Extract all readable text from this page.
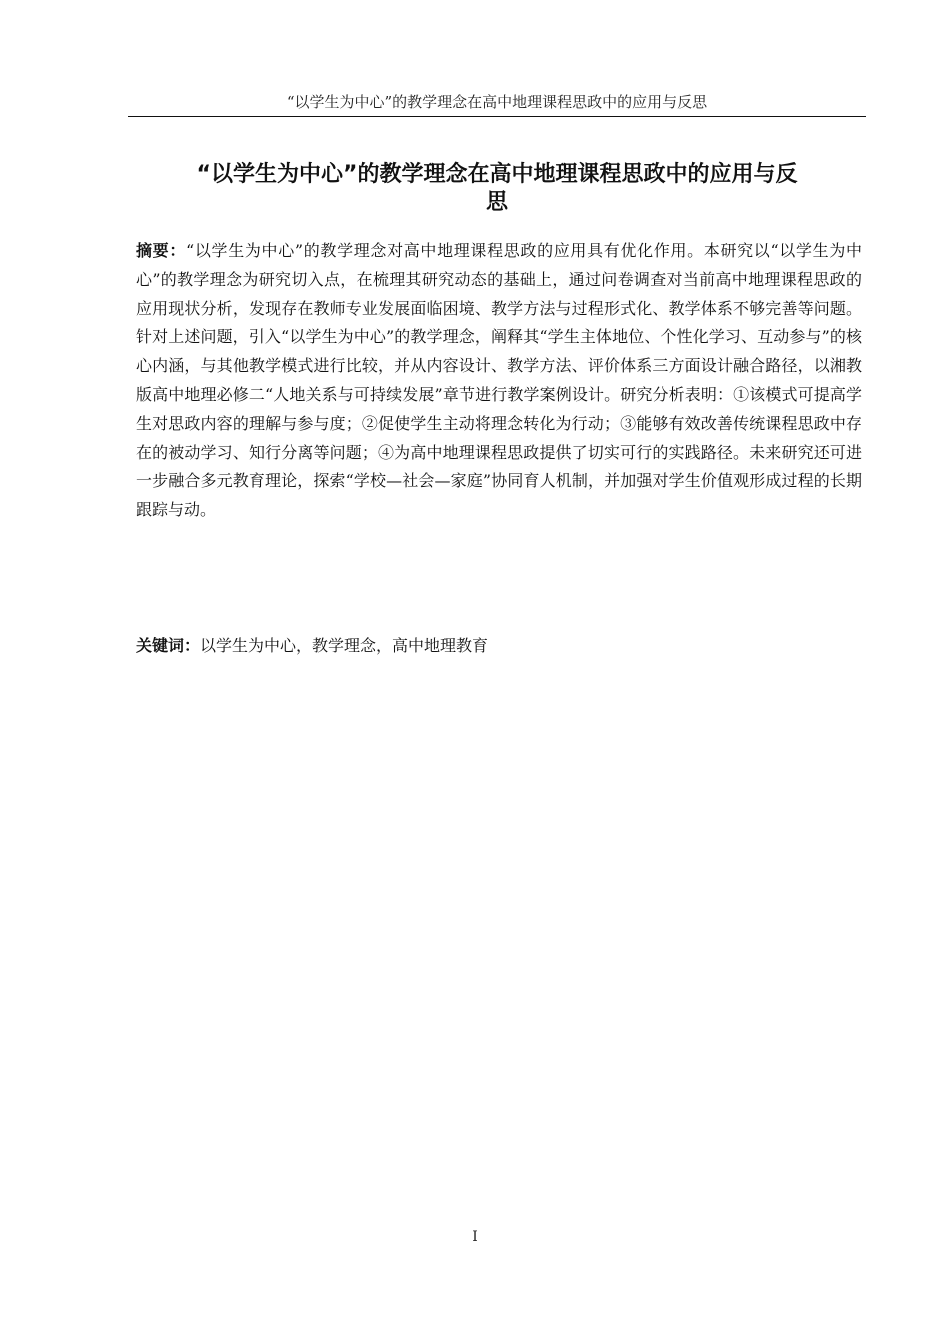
“以学生为中心”的教学理念在高中地理课程思政中的应用与反思
“以学生为中心”的教学理念在高中地理课程思政中的应用与反
思

摘要：“以学生为中心”的教学理念对高中地理课程思政的应用具有优化作用。本研究以“以学生为中心”的教学理念为研究切入点，在梳理其研究动态的基础上，通过问卷调查对当前高中地理课程思政的应用现状分析，发现存在教师专业发展面临困境、教学方法与过程形式化、教学体系不够完善等问题。针对上述问题，引入“以学生为中心”的教学理念，阐释其“学生主体地位、个性化学习、互动参与”的核心内涵，与其他教学模式进行比较，并从内容设计、教学方法、评价体系三方面设计融合路径，以湘教版高中地理必修二“人地关系与可持续发展”章节进行教学案例设计。研究分析表明：①该模式可提高学生对思政内容的理解与参与度；②促使学生主动将理念转化为行动；③能够有效改善传统课程思政中存在的被动学习、知行分离等问题；④为高中地理课程思政提供了切实可行的实践路径。未来研究还可进一步融合多元教育理论，探索“学校—社会—家庭”协同育人机制，并加强对学生价值观形成过程的长期跟踪与动。

关键词：以学生为中心，教学理念，高中地理教育

I
